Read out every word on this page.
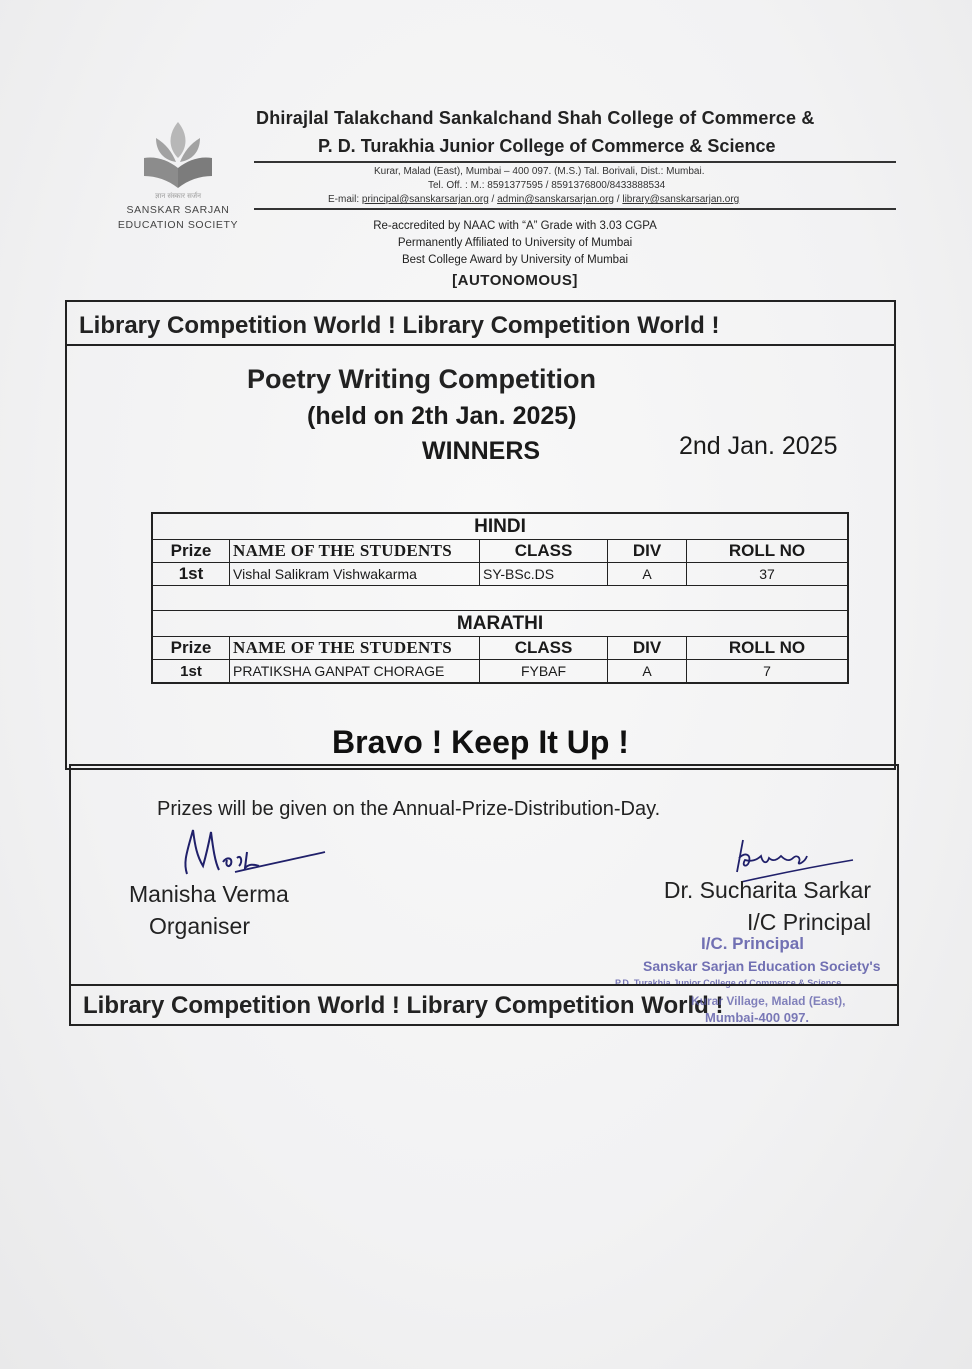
ज्ञान संस्कार सर्जन
SANSKAR SARJAN
EDUCATION SOCIETY
Dhirajlal Talakchand Sankalchand Shah College of Commerce &
P. D. Turakhia Junior College of Commerce & Science
Kurar, Malad (East), Mumbai – 400 097. (M.S.) Tal. Borivali, Dist.: Mumbai.
Tel. Off. : M.: 8591377595 / 8591376800/8433888534
E-mail: principal@sanskarsarjan.org / admin@sanskarsarjan.org / library@sanskarsarjan.org
Re-accredited by NAAC with “A” Grade with 3.03 CGPA
Permanently Affiliated to University of Mumbai
Best College Award by University of Mumbai
[AUTONOMOUS]
Library Competition World ! Library Competition World !
Poetry Writing Competition
(held on 2th Jan. 2025)
WINNERS	2nd Jan. 2025
HINDI				
Prize	NAME OF THE STUDENTS	CLASS	DIV	ROLL NO
1st	Vishal Salikram Vishwakarma	SY-BSc.DS	A	37

MARATHI				
Prize	NAME OF THE STUDENTS	CLASS	DIV	ROLL NO
1st	PRATIKSHA GANPAT CHORAGE	FYBAF	A	7
Bravo ! Keep It Up !
Prizes will be given on the Annual-Prize-Distribution-Day.
Manisha Verma
Organiser
Dr. Sucharita Sarkar
I/C Principal
I/C. Principal
Sanskar Sarjan Education Society's
P.D. Turakhia Junior College of Commerce & Science
Library Competition World ! Library Competition World !
Kurar Village, Malad (East),
Mumbai-400 097.
